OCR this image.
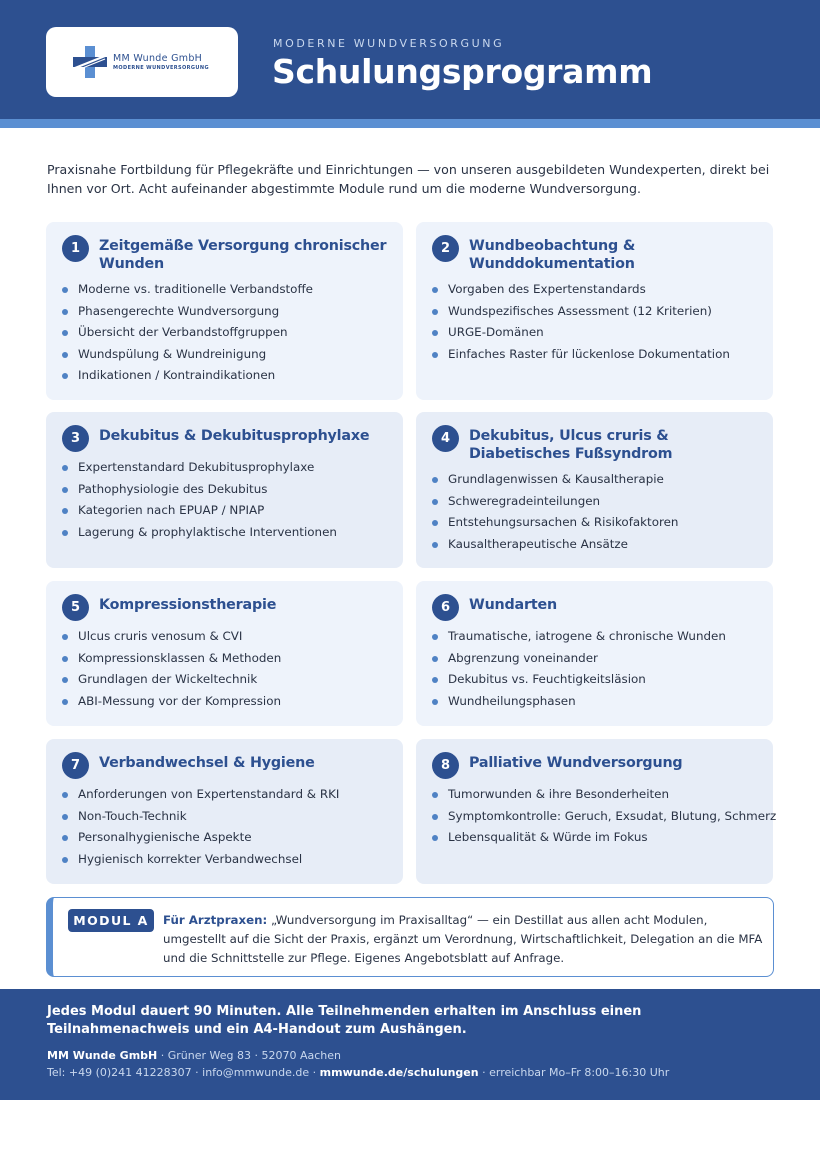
MM Wunde GmbH
MODERNE WUNDVERSORGUNG
MODERNE WUNDVERSORGUNG
Schulungsprogramm

Praxisnahe Fortbildung für Pflegekräfte und Einrichtungen — von unseren ausgebildeten Wundexperten, direkt bei Ihnen vor Ort. Acht aufeinander abgestimmte Module rund um die moderne Wundversorgung.

1	Zeitgemäße Versorgung chronischer Wunden
Moderne vs. traditionelle Verbandstoffe
Phasengerechte Wundversorgung
Übersicht der Verbandstoffgruppen
Wundspülung & Wundreinigung
Indikationen / Kontraindikationen
2	Wundbeobachtung & Wunddokumentation
Vorgaben des Expertenstandards
Wundspezifisches Assessment (12 Kriterien)
URGE-Domänen
Einfaches Raster für lückenlose Dokumentation
3	Dekubitus & Dekubitusprophylaxe
Expertenstandard Dekubitusprophylaxe
Pathophysiologie des Dekubitus
Kategorien nach EPUAP / NPIAP
Lagerung & prophylaktische Interventionen
4	Dekubitus, Ulcus cruris & Diabetisches Fußsyndrom
Grundlagenwissen & Kausaltherapie
Schweregradeinteilungen
Entstehungsursachen & Risikofaktoren
Kausaltherapeutische Ansätze
5	Kompressionstherapie
Ulcus cruris venosum & CVI
Kompressionsklassen & Methoden
Grundlagen der Wickeltechnik
ABI-Messung vor der Kompression
6	Wundarten
Traumatische, iatrogene & chronische Wunden
Abgrenzung voneinander
Dekubitus vs. Feuchtigkeitsläsion
Wundheilungsphasen
7	Verbandwechsel & Hygiene
Anforderungen von Expertenstandard & RKI
Non-Touch-Technik
Personalhygienische Aspekte
Hygienisch korrekter Verbandwechsel
8	Palliative Wundversorgung
Tumorwunden & ihre Besonderheiten
Symptomkontrolle: Geruch, Exsudat, Blutung, Schmerz
Lebensqualität & Würde im Fokus
MODUL A	Für Arztpraxen: „Wundversorgung im Praxisalltag“ — ein Destillat aus allen acht Modulen, umgestellt auf die Sicht der Praxis, ergänzt um Verordnung, Wirtschaftlichkeit, Delegation an die MFA und die Schnittstelle zur Pflege. Eigenes Angebotsblatt auf Anfrage.

Jedes Modul dauert 90 Minuten. Alle Teilnehmenden erhalten im Anschluss einen Teilnahmenachweis und ein A4-Handout zum Aushängen.

MM Wunde GmbH · Grüner Weg 83 · 52070 Aachen
Tel: +49 (0)241 41228307 · info@mmwunde.de · mmwunde.de/schulungen · erreichbar Mo–Fr 8:00–16:30 Uhr
